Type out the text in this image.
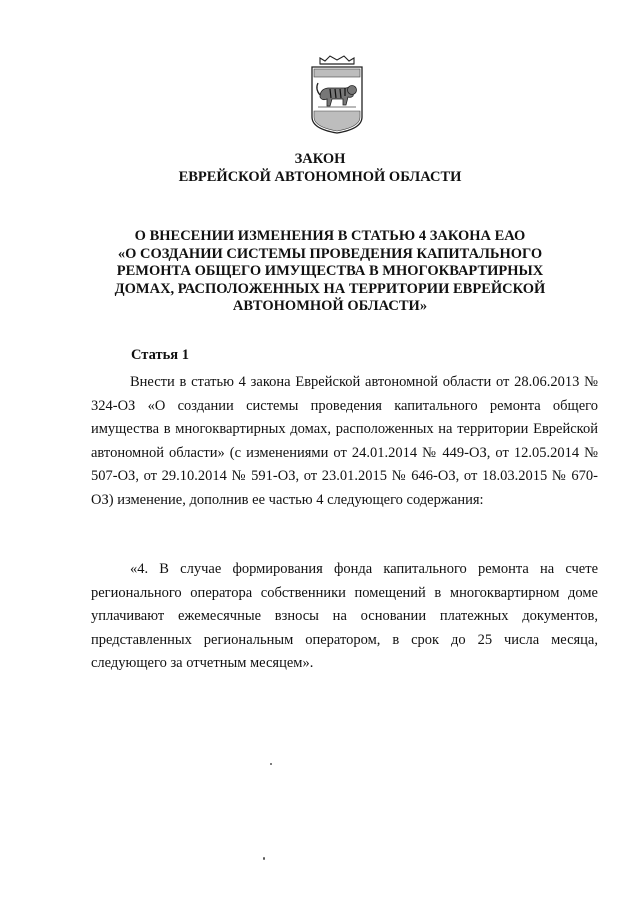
ЗАКОН
ЕВРЕЙСКОЙ АВТОНОМНОЙ ОБЛАСТИ
О ВНЕСЕНИИ ИЗМЕНЕНИЯ В СТАТЬЮ 4 ЗАКОНА ЕАО
«О СОЗДАНИИ СИСТЕМЫ ПРОВЕДЕНИЯ КАПИТАЛЬНОГО
РЕМОНТА ОБЩЕГО ИМУЩЕСТВА В МНОГОКВАРТИРНЫХ
ДОМАХ, РАСПОЛОЖЕННЫХ НА ТЕРРИТОРИИ ЕВРЕЙСКОЙ
АВТОНОМНОЙ ОБЛАСТИ»
Статья 1

Внести в статью 4 закона Еврейской автономной области от 28.06.2013 № 324-ОЗ «О создании системы проведения капитального ремонта общего имущества в многоквартирных домах, расположенных на территории Еврейской автономной области» (с изменениями от 24.01.2014 № 449-ОЗ, от 12.05.2014 № 507-ОЗ, от 29.10.2014 № 591-ОЗ, от 23.01.2015 № 646-ОЗ, от 18.03.2015 № 670-ОЗ) изменение, дополнив ее частью 4 следующего содержания:

«4. В случае формирования фонда капитального ремонта на счете регионального оператора собственники помещений в многоквартирном доме уплачивают ежемесячные взносы на основании платежных документов, представленных региональным оператором, в срок до 25 числа месяца, следующего за отчетным месяцем».
